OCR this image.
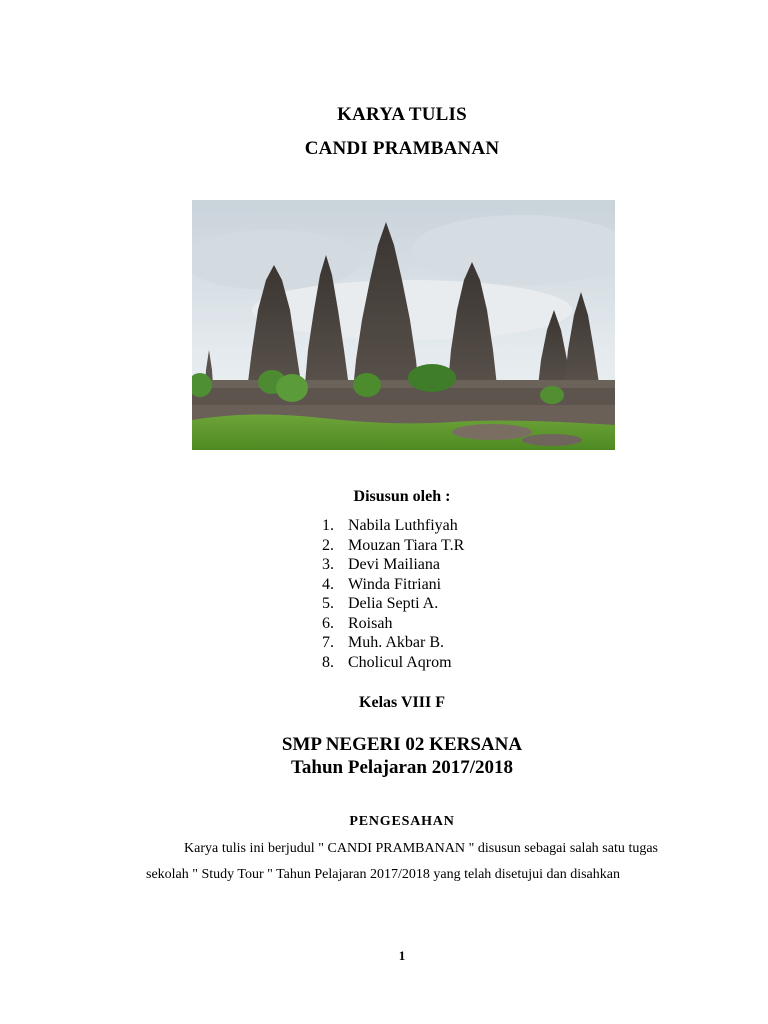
KARYA TULIS
CANDI PRAMBANAN
Disusun oleh :
1. Nabila Luthfiyah
2. Mouzan Tiara T.R
3. Devi Mailiana
4. Winda Fitriani
5. Delia Septi A.
6. Roisah
7. Muh. Akbar B.
8. Cholicul Aqrom
Kelas VIII F
SMP NEGERI 02 KERSANA
Tahun Pelajaran 2017/2018
PENGESAHAN

Karya tulis ini berjudul " CANDI PRAMBANAN " disusun sebagai salah satu tugas sekolah " Study Tour " Tahun Pelajaran 2017/2018 yang telah disetujui dan disahkan

1
